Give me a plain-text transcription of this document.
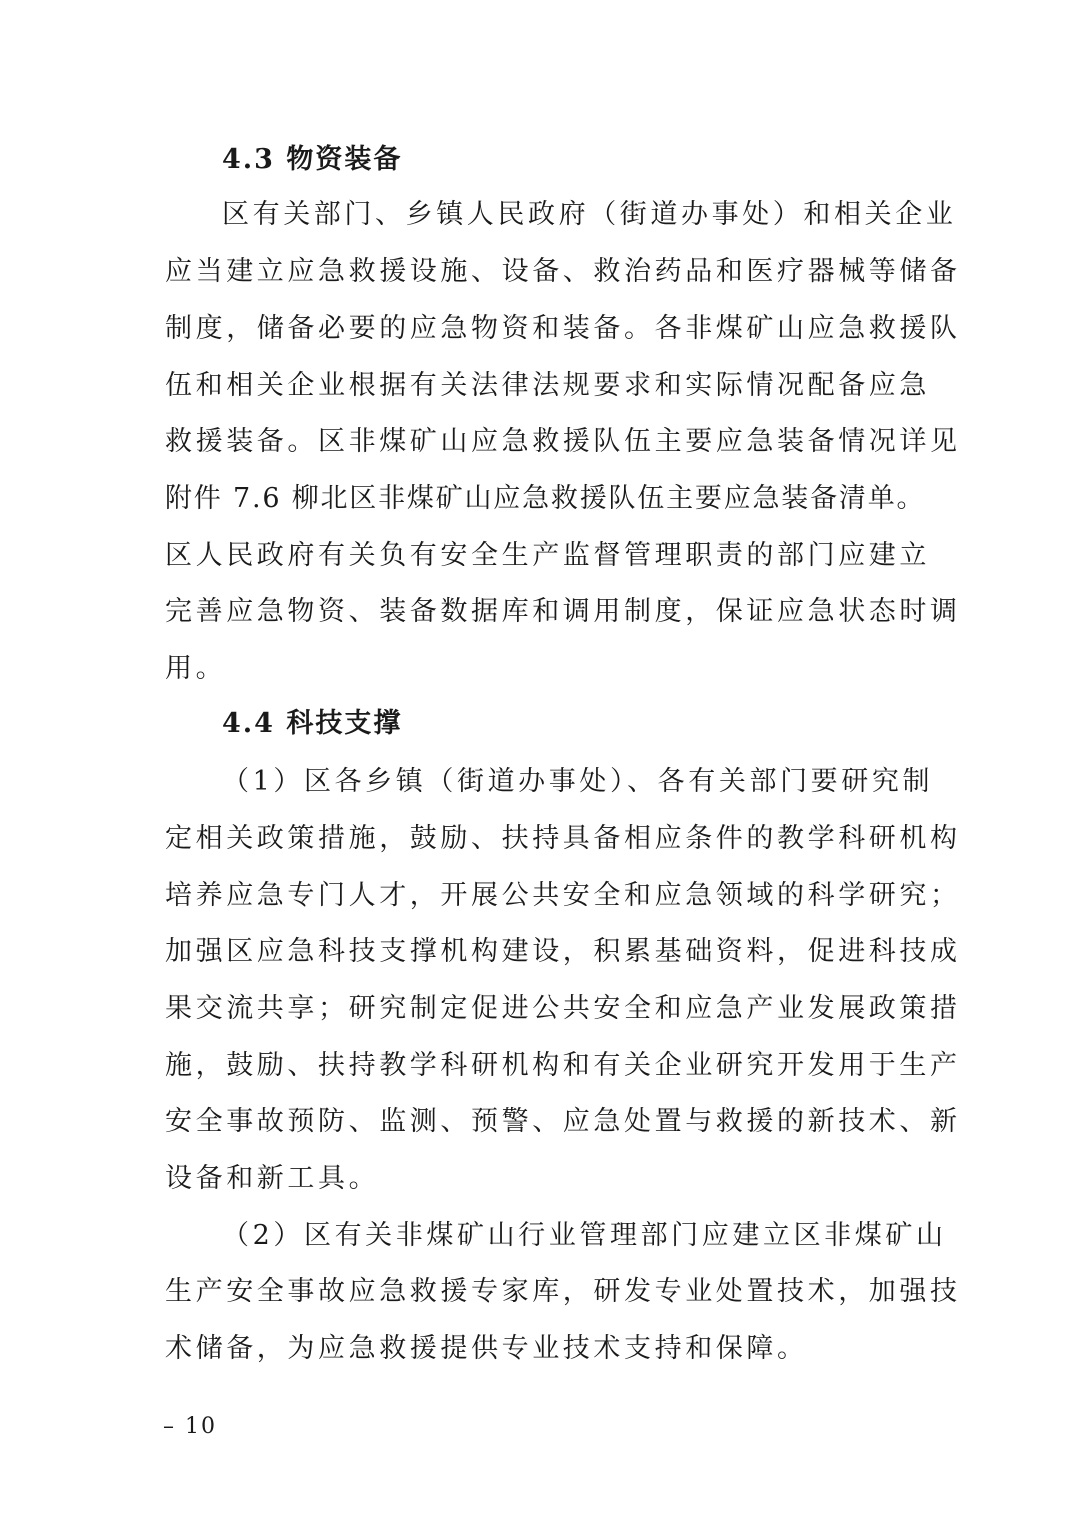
4.3 物资装备
区有关部门、乡镇人民政府（街道办事处）和相关企业
应当建立应急救援设施、设备、救治药品和医疗器械等储备
制度，储备必要的应急物资和装备。各非煤矿山应急救援队
伍和相关企业根据有关法律法规要求和实际情况配备应急
救援装备。区非煤矿山应急救援队伍主要应急装备情况详见
附件 7.6 柳北区非煤矿山应急救援队伍主要应急装备清单。
区人民政府有关负有安全生产监督管理职责的部门应建立
完善应急物资、装备数据库和调用制度，保证应急状态时调
用。
4.4 科技支撑
（1）区各乡镇（街道办事处）、各有关部门要研究制
定相关政策措施，鼓励、扶持具备相应条件的教学科研机构
培养应急专门人才，开展公共安全和应急领域的科学研究；
加强区应急科技支撑机构建设，积累基础资料，促进科技成
果交流共享；研究制定促进公共安全和应急产业发展政策措
施，鼓励、扶持教学科研机构和有关企业研究开发用于生产
安全事故预防、监测、预警、应急处置与救援的新技术、新
设备和新工具。
（2）区有关非煤矿山行业管理部门应建立区非煤矿山
生产安全事故应急救援专家库，研发专业处置技术，加强技
术储备，为应急救援提供专业技术支持和保障。
– 10
